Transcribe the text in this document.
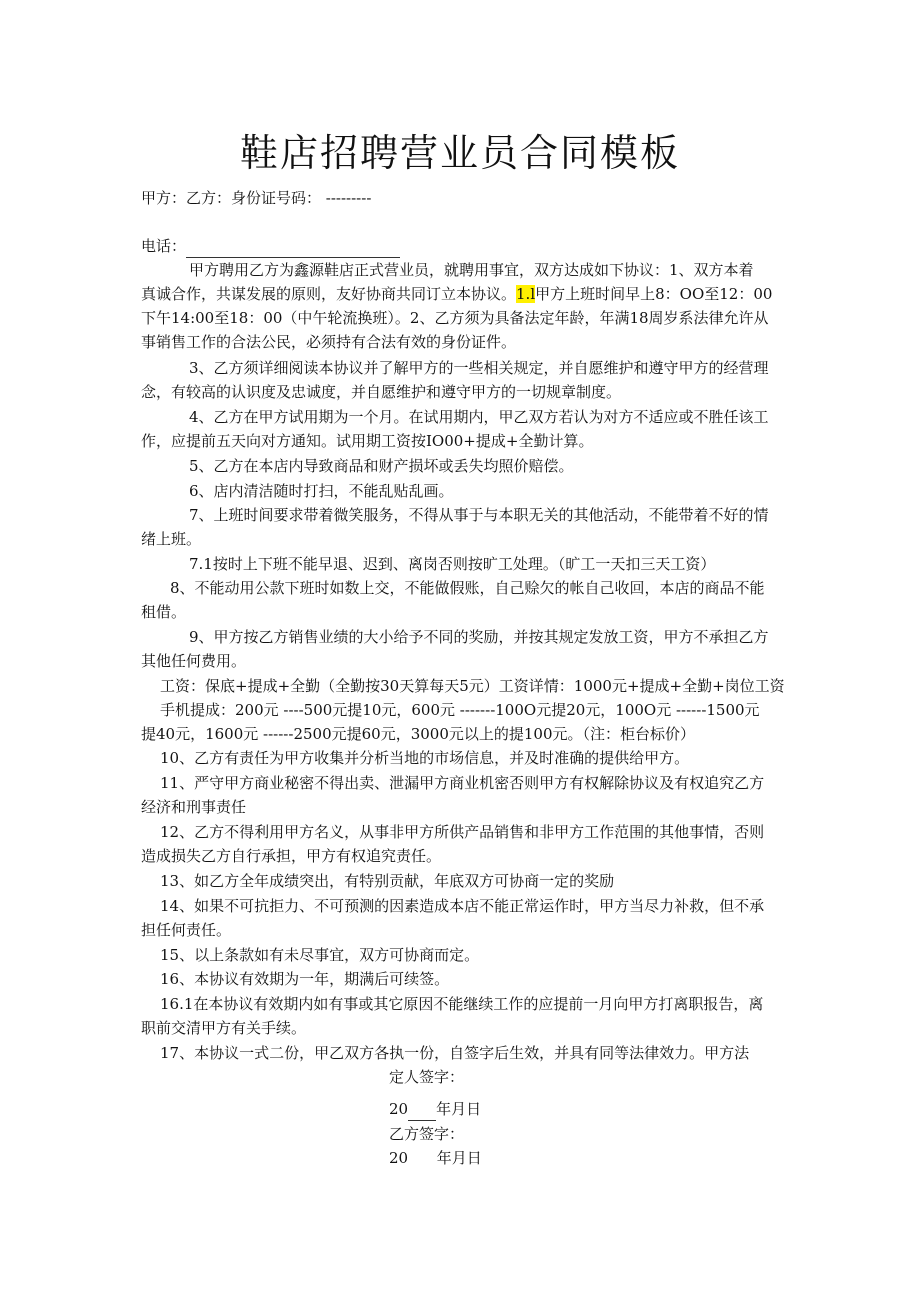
鞋店招聘营业员合同模板
甲方：乙方：身份证号码： ---------
电话：
甲方聘用乙方为鑫源鞋店正式营业员，就聘用事宜，双方达成如下协议：1、双方本着
真诚合作，共谋发展的原则，友好协商共同订立本协议。1.l甲方上班时间早上8：OO至12：00
下午14:00至18：00（中午轮流换班）。2、乙方须为具备法定年龄，年满18周岁系法律允许从
事销售工作的合法公民，必须持有合法有效的身份证件。
3、乙方须详细阅读本协议并了解甲方的一些相关规定，并自愿维护和遵守甲方的经营理
念，有较高的认识度及忠诚度，并自愿维护和遵守甲方的一切规章制度。
4、乙方在甲方试用期为一个月。在试用期内，甲乙双方若认为对方不适应或不胜任该工
作，应提前五天向对方通知。试用期工资按IO00+提成+全勤计算。
5、乙方在本店内导致商品和财产损坏或丢失均照价赔偿。
6、店内清洁随时打扫，不能乱贴乱画。
7、上班时间要求带着微笑服务，不得从事于与本职无关的其他活动，不能带着不好的情
绪上班。
7.1按时上下班不能早退、迟到、离岗否则按旷工处理。（旷工一天扣三天工资）
8、不能动用公款下班时如数上交，不能做假账，自己赊欠的帐自己收回，本店的商品不能
租借。
9、甲方按乙方销售业绩的大小给予不同的奖励，并按其规定发放工资，甲方不承担乙方
其他任何费用。
工资：保底+提成+全勤（全勤按30天算每天5元）工资详情：1000元+提成+全勤+岗位工资
手机提成：200元 ----500元提10元，600元 -------100O元提20元，100O元 ------1500元
提40元，1600元 ------2500元提60元，3000元以上的提100元。（注：柜台标价）
10、乙方有责任为甲方收集并分析当地的市场信息，并及时准确的提供给甲方。
11、严守甲方商业秘密不得出卖、泄漏甲方商业机密否则甲方有权解除协议及有权追究乙方
经济和刑事责任
12、乙方不得利用甲方名义，从事非甲方所供产品销售和非甲方工作范围的其他事情，否则
造成损失乙方自行承担，甲方有权追究责任。
13、如乙方全年成绩突出，有特别贡献，年底双方可协商一定的奖励
14、如果不可抗拒力、不可预测的因素造成本店不能正常运作时，甲方当尽力补救，但不承
担任何责任。
15、以上条款如有未尽事宜，双方可协商而定。
16、本协议有效期为一年，期满后可续签。
16.1在本协议有效期内如有事或其它原因不能继续工作的应提前一月向甲方打离职报告，离
职前交清甲方有关手续。
17、本协议一式二份，甲乙双方各执一份，自签字后生效，并具有同等法律效力。甲方法
定人签字：
20 年月日
乙方签字：
20      年月日
